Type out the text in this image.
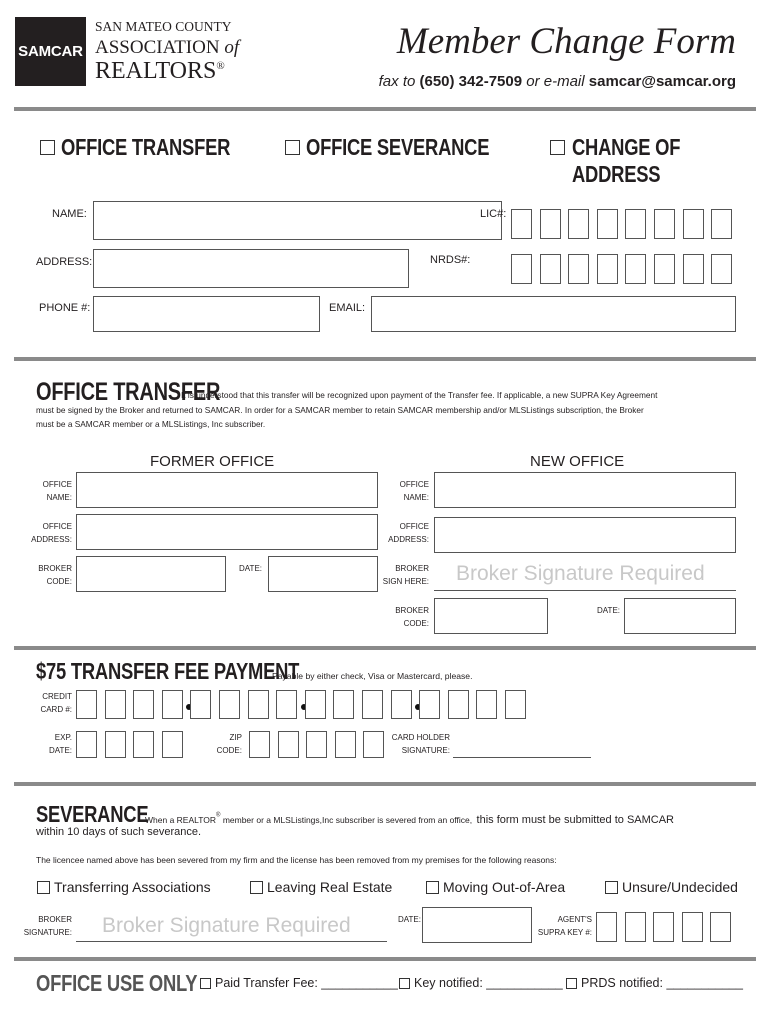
SAMCAR
SAN MATEO COUNTY
ASSOCIATION of
REALTORS®
Member Change Form
fax to (650) 342-7509 or e-mail samcar@samcar.org
OFFICE TRANSFER	OFFICE SEVERANCE	CHANGE OF ADDRESS
NAME:	LIC#:
ADDRESS:	NRDS#:
PHONE #:	EMAIL:
OFFICE TRANSFER
It is understood that this transfer will be recognized upon payment of the Transfer fee. If applicable, a new SUPRA Key Agreement
must be signed by the Broker and returned to SAMCAR. In order for a SAMCAR member to retain SAMCAR membership and/or MLSListings subscription, the Broker
must be a SAMCAR member or a MLSListings, Inc subscriber.
FORMER OFFICE	NEW OFFICE
OFFICE
NAME:
OFFICE
ADDRESS:
BROKER
CODE:
DATE:
OFFICE
NAME:
OFFICE
ADDRESS:
BROKER
SIGN HERE: Broker Signature Required
BROKER
CODE:
DATE:
$75 TRANSFER FEE PAYMENT
Payable by either check, Visa or Mastercard, please.
CREDIT
CARD #:
EXP.
DATE:
ZIP
CODE:
CARD HOLDER
SIGNATURE:
SEVERANCE
When a REALTOR® member or a MLSListings,Inc subscriber is severed from an office, this form must be submitted to SAMCAR
within 10 days of such severance.
The licencee named above has been severed from my firm and the license has been removed from my premises for the following reasons:
Transferring Associations	Leaving Real Estate	Moving Out-of-Area	Unsure/Undecided
BROKER
SIGNATURE: Broker Signature Required	DATE:	AGENT'S
SUPRA KEY #:
OFFICE USE ONLY Paid Transfer Fee: ___________ Key notified: ___________ PRDS notified: ___________
